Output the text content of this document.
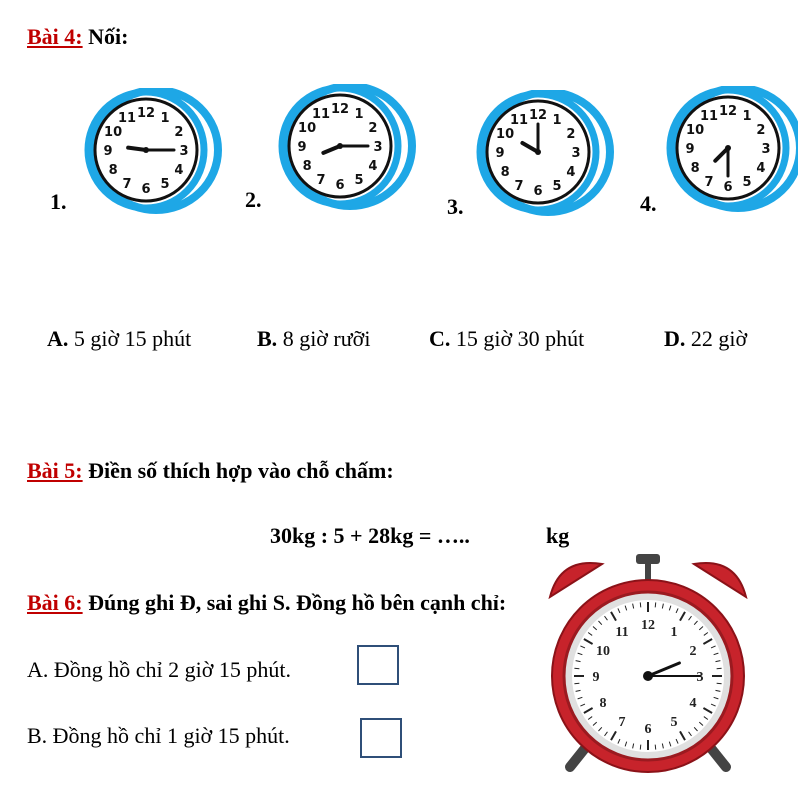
Bài 4: Nối:
1.	2.	3.	4.
1
2
3
4
5
6
7
8
9
10
11 12	1
2
3
4
5
6
7
8
9
10
11 12
1
2
3
4
5
6
7
8
9
10
11 12	1
2
3
4
5
6
7
8
9
10
11 12
A. 5 giờ 15 phút	B. 8 giờ rưỡi	C. 15 giờ 30 phút	D. 22 giờ
Bài 5: Điền số thích hợp vào chỗ chấm:
30kg : 5 + 28kg = …..	kg
Bài 6: Đúng ghi Đ, sai ghi S. Đồng hồ bên cạnh chỉ:
A. Đồng hồ chỉ 2 giờ 15 phút.
B. Đồng hồ chỉ 1 giờ 15 phút.
1
2
3
4
5
6
7
8
9
10
11 12
